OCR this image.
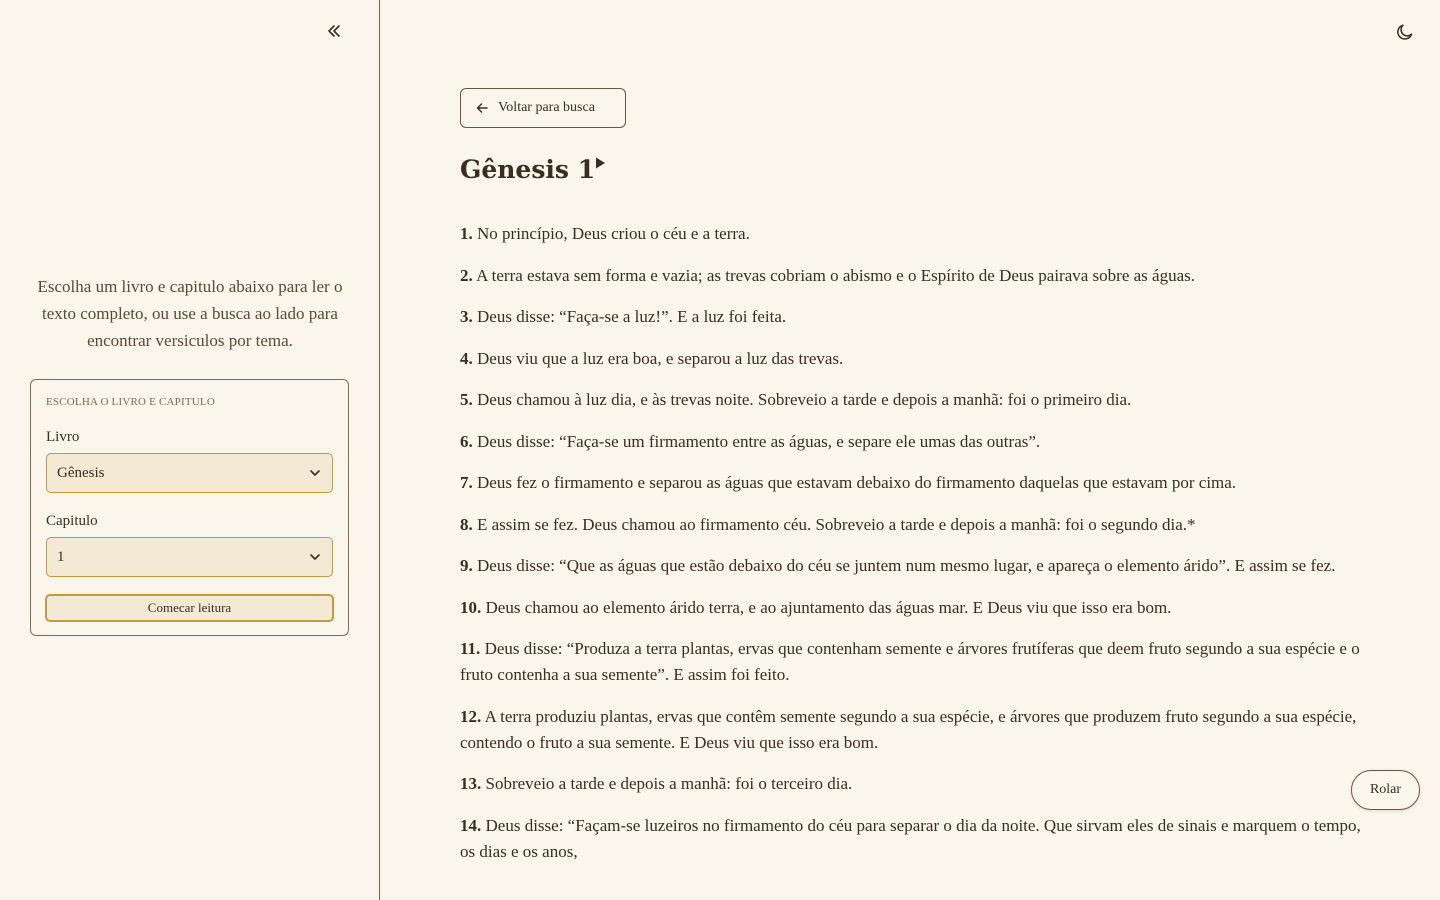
Escolha um livro e capitulo abaixo para ler o texto completo, ou use a busca ao lado para encontrar versiculos por tema.

ESCOLHA O LIVRO E CAPITULO
Livro
Gênesis
Capitulo
1
Comecar leitura
Voltar para busca
Gênesis 1

1. No princípio, Deus criou o céu e a terra.

2. A terra estava sem forma e vazia; as trevas cobriam o abismo e o Espírito de Deus pairava sobre as águas.

3. Deus disse: “Faça-se a luz!”. E a luz foi feita.

4. Deus viu que a luz era boa, e separou a luz das trevas.

5. Deus chamou à luz dia, e às trevas noite. Sobreveio a tarde e depois a manhã: foi o primeiro dia.

6. Deus disse: “Faça-se um firmamento entre as águas, e separe ele umas das outras”.

7. Deus fez o firmamento e separou as águas que estavam debaixo do firmamento daquelas que estavam por cima.

8. E assim se fez. Deus chamou ao firmamento céu. Sobreveio a tarde e depois a manhã: foi o segundo dia.*

9. Deus disse: “Que as águas que estão debaixo do céu se juntem num mesmo lugar, e apareça o elemento árido”. E assim se fez.

10. Deus chamou ao elemento árido terra, e ao ajuntamento das águas mar. E Deus viu que isso era bom.

11. Deus disse: “Produza a terra plantas, ervas que contenham semente e árvores frutíferas que deem fruto segundo a sua espécie e o fruto contenha a sua semente”. E assim foi feito.

12. A terra produziu plantas, ervas que contêm semente segundo a sua espécie, e árvores que produzem fruto segundo a sua espécie, contendo o fruto a sua semente. E Deus viu que isso era bom.

13. Sobreveio a tarde e depois a manhã: foi o terceiro dia.

14. Deus disse: “Façam-se luzeiros no firmamento do céu para separar o dia da noite. Que sirvam eles de sinais e marquem o tempo, os dias e os anos,

Rolar
